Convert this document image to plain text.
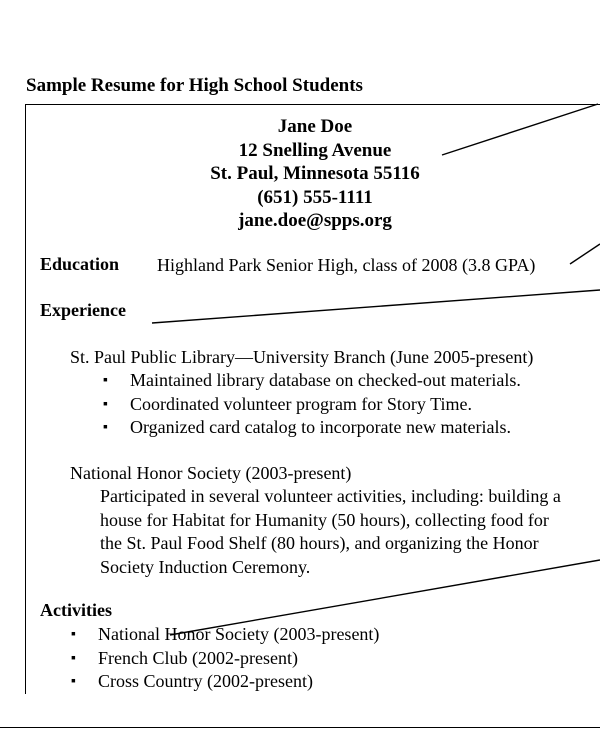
Sample Resume for High School Students
Jane Doe
12 Snelling Avenue
St. Paul, Minnesota 55116
(651) 555-1111
jane.doe@spps.org
Education Highland Park Senior High, class of 2008 (3.8 GPA)
Experience
St. Paul Public Library—University Branch (June 2005-present)
▪ Maintained library database on checked-out materials.
▪ Coordinated volunteer program for Story Time.
▪ Organized card catalog to incorporate new materials.
National Honor Society (2003-present)
Participated in several volunteer activities, including: building a
house for Habitat for Humanity (50 hours), collecting food for
the St. Paul Food Shelf (80 hours), and organizing the Honor
Society Induction Ceremony.
Activities
▪ National Honor Society (2003-present)
▪ French Club (2002-present)
▪ Cross Country (2002-present)
